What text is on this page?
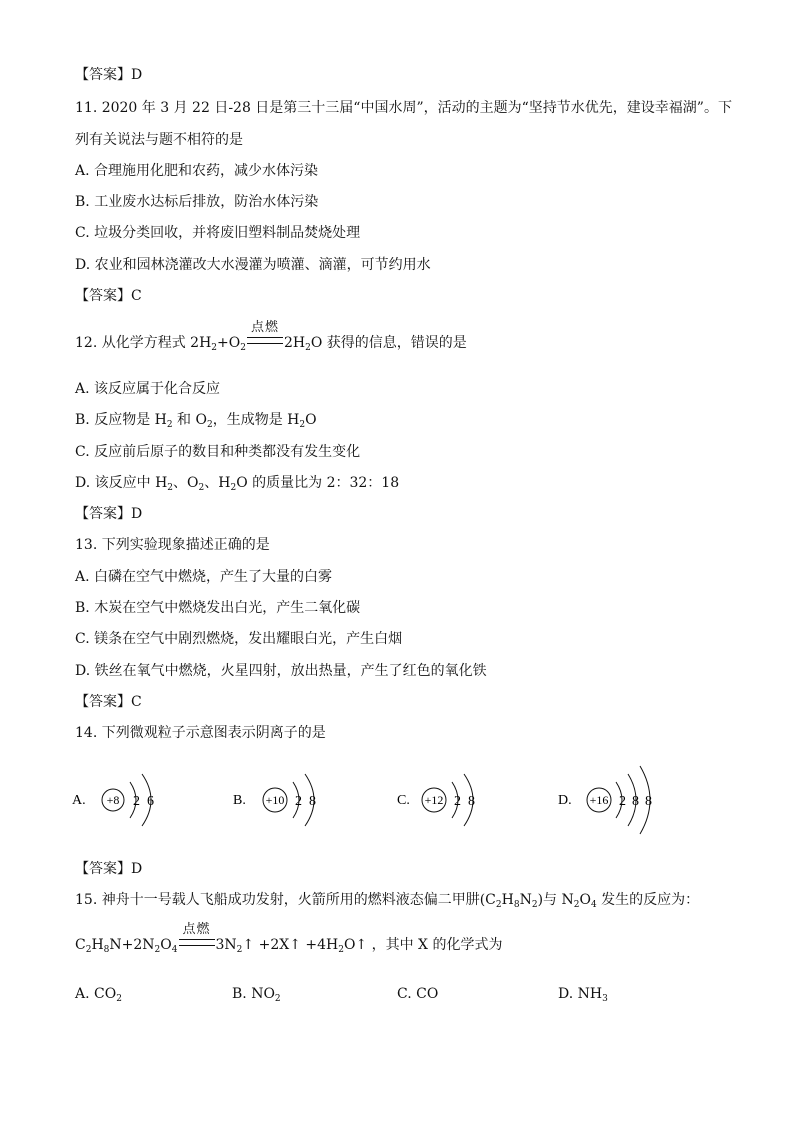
【答案】D
11. 2020 年 3 月 22 日-28 日是第三十三届“中国水周”，活动的主题为“坚持节水优先，建设幸福湖”。下
列有关说法与题不相符的是
A. 合理施用化肥和农药，减少水体污染
B. 工业废水达标后排放，防治水体污染
C. 垃圾分类回收，并将废旧塑料制品焚烧处理
D. 农业和园林浇灌改大水漫灌为喷灌、滴灌，可节约用水
【答案】C
12. 从化学方程式 $2H_2+O_2$
点燃
$2H_2O$ 获得的信息，错误的是
A. 该反应属于化合反应
B. 反应物是 $H_2$ 和 $O_2$，生成物是 $H_2O$
C. 反应前后原子的数目和种类都没有发生变化
D. 该反应中 $H_2$、$O_2$、$H_2O$ 的质量比为 2：32：18
【答案】D
13. 下列实验现象描述正确的是
A. 白磷在空气中燃烧，产生了大量的白雾
B. 木炭在空气中燃烧发出白光，产生二氧化碳
C. 镁条在空气中剧烈燃烧，发出耀眼白光，产生白烟
D. 铁丝在氧气中燃烧，火星四射，放出热量，产生了红色的氧化铁
【答案】C
14. 下列微观粒子示意图表示阴离子的是
A. +8 2 6	B. +10 2 8	C. +12 2 8	D. +16 2 8 8
【答案】D
15. 神舟十一号载人飞船成功发射，火箭所用的燃料液态偏二甲肼$(C_2H_8N_2)$与 $N_2O_4$ 发生的反应为：
$C_2H_8N+2N_2O_4$
点燃
$3N_2↑$ +2X↑ $+4H_2O↑$ ，其中 X 的化学式为
A. $CO_2$	B. $NO_2$	C. CO	D. $NH_3$
